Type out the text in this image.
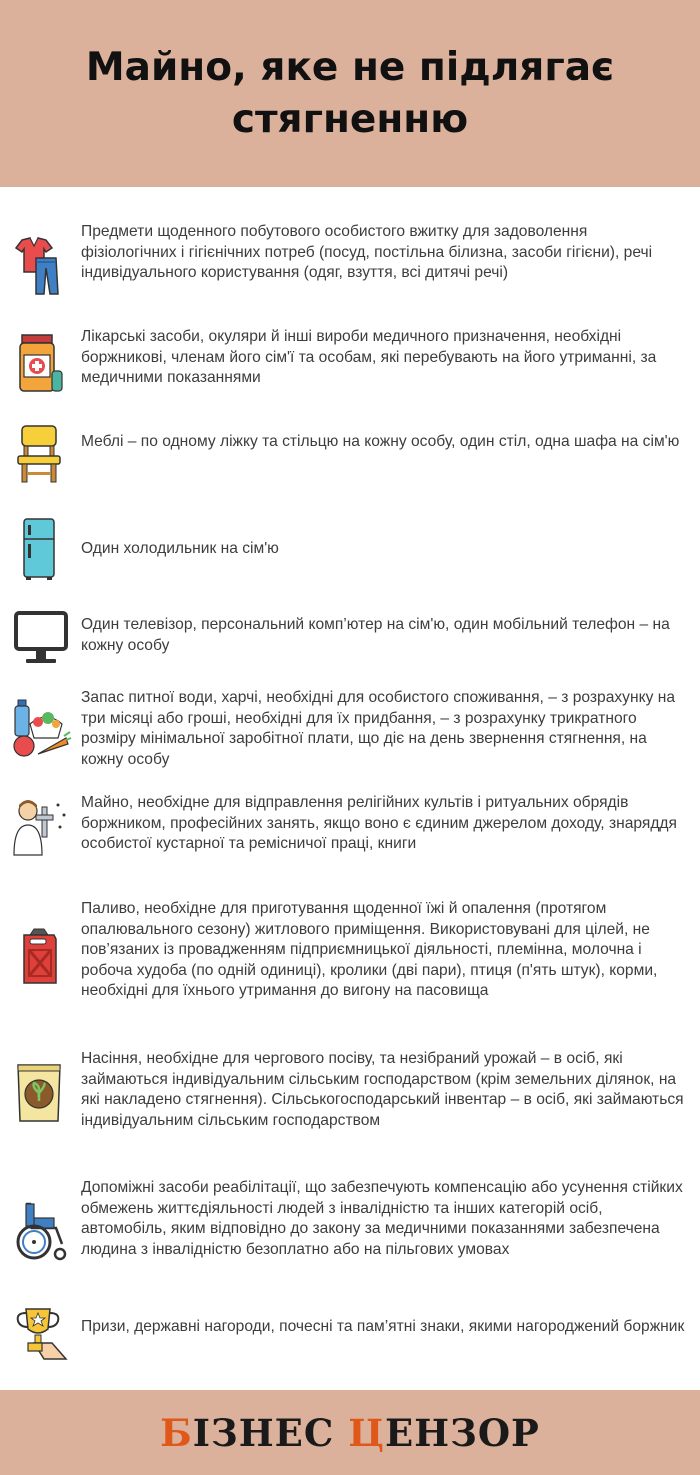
Майно, яке не підлягає стягненню
Предмети щоденного побутового особистого вжитку для задоволення фізіологічних і гігієнічних потреб (посуд, постільна білизна, засоби гігієни), речі індивідуального користування (одяг, взуття, всі дитячі речі)
Лікарські засоби, окуляри й інші вироби медичного призначення, необхідні боржникові, членам його сім'ї та особам, які перебувають на його утриманні, за медичними показаннями
Меблі – по одному ліжку та стільцю на кожну особу, один стіл, одна шафа на сім'ю
Один холодильник на сім'ю
Один телевізор, персональний комп’ютер на сім'ю, один мобільний телефон – на кожну особу
Запас питної води, харчі, необхідні для особистого споживання, – з розрахунку на три місяці або гроші, необхідні для їх придбання, – з розрахунку трикратного розміру мінімальної заробітної плати, що діє на день звернення стягнення, на кожну особу
Майно, необхідне для відправлення релігійних культів і ритуальних обрядів боржником, професійних занять, якщо воно є єдиним джерелом доходу, знаряддя особистої кустарної та ремісничої праці, книги
Паливо, необхідне для приготування щоденної їжі й опалення (протягом опалювального сезону) житлового приміщення. Використовувані для цілей, не пов’язаних із провадженням підприємницької діяльності, племінна, молочна і робоча худоба (по одній одиниці), кролики (дві пари), птиця (п'ять штук), корми, необхідні для їхнього утримання до вигону на пасовища
Насіння, необхідне для чергового посіву, та незібраний урожай – в осіб, які займаються індивідуальним сільським господарством (крім земельних ділянок, на які накладено стягнення). Сільськогосподарський інвентар – в осіб, які займаються індивідуальним сільським господарством
Допоміжні засоби реабілітації, що забезпечують компенсацію або усунення стійких обмежень життєдіяльності людей з інвалідністю та інших категорій осіб, автомобіль, яким відповідно до закону за медичними показаннями забезпечена людина з інвалідністю безоплатно або на пільгових умовах
Призи, державні нагороди, почесні та пам’ятні знаки, якими нагороджений боржник
БІЗНЕС ЦЕНЗОР
